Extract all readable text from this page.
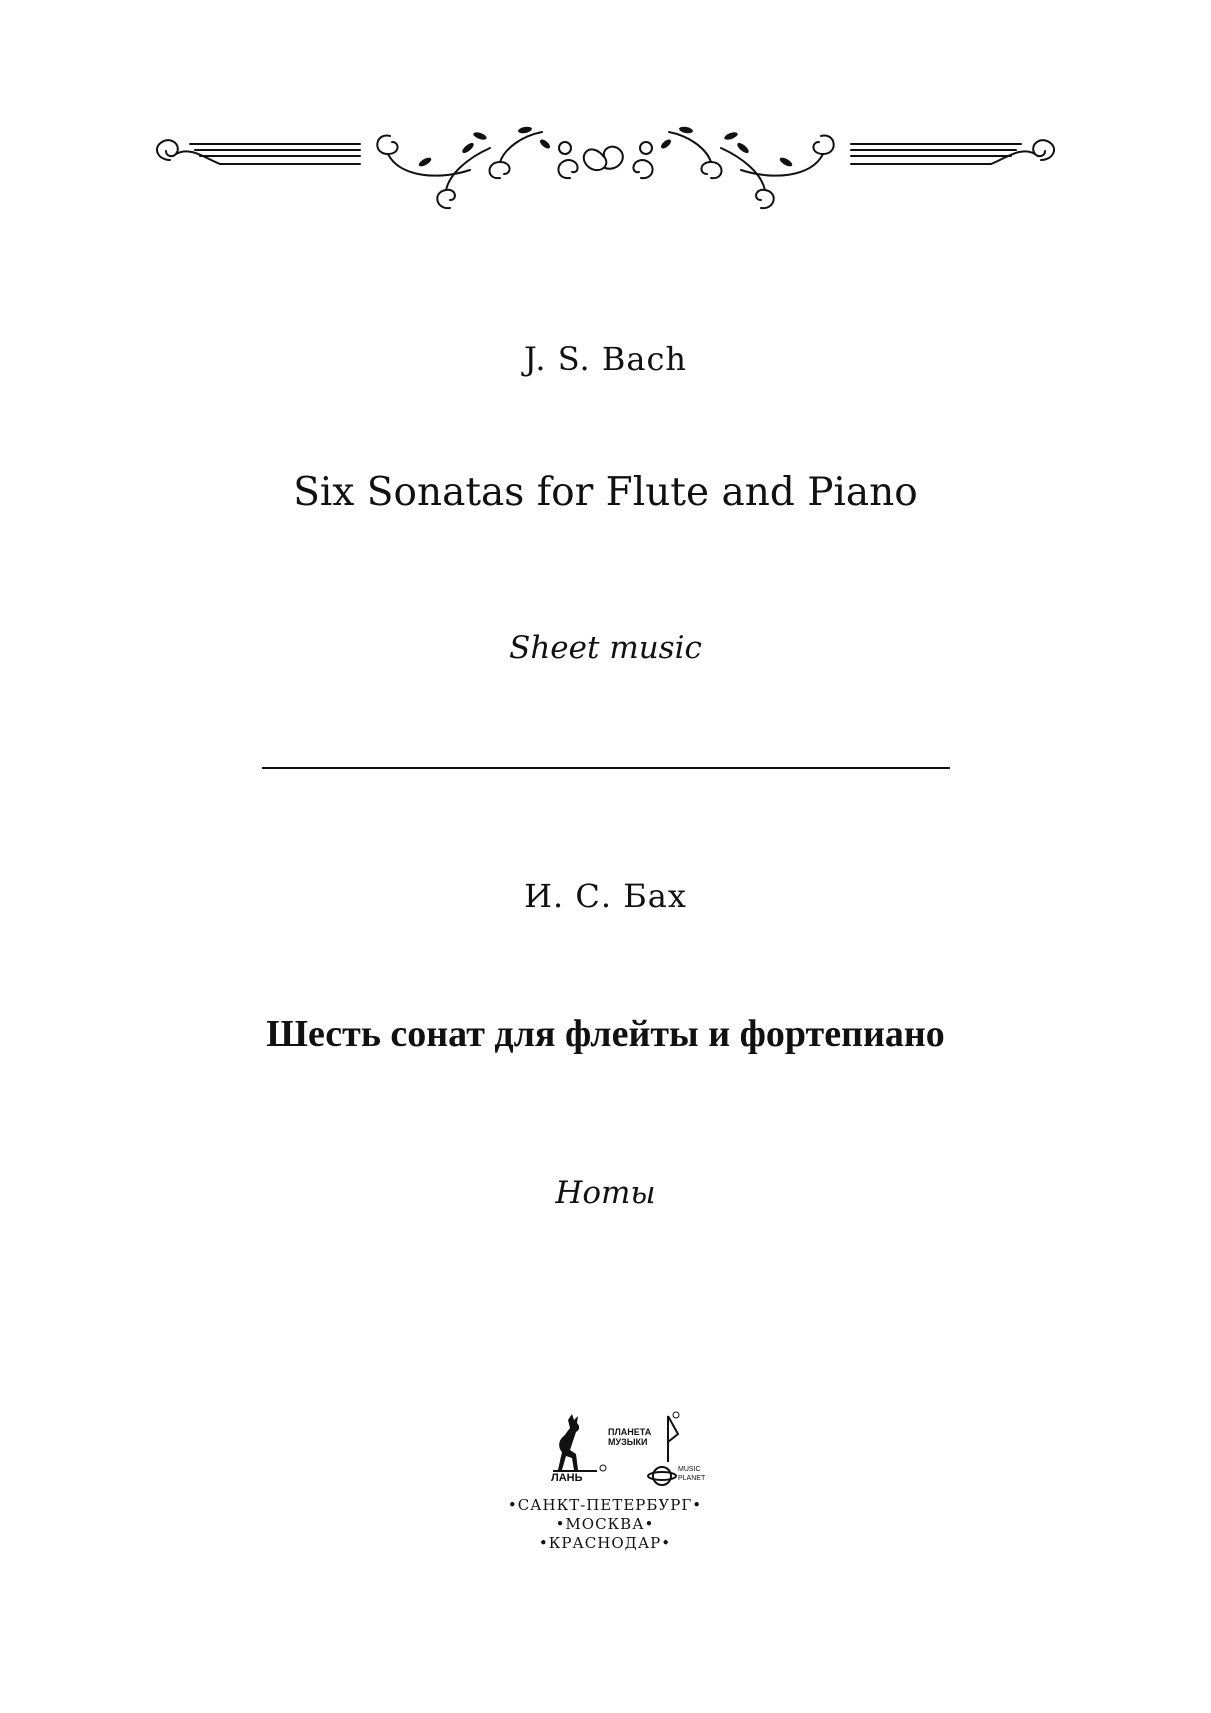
J. S. Bach
Six Sonatas for Flute and Piano
Sheet music
И. С. Бах
Шесть сонат для флейты и фортепиано
Ноты
ЛАНЬ
ПЛАНЕТА
МУЗЫКИ
MUSIC
PLANET
•САНКТ-ПЕТЕРБУРГ•
•МОСКВА•
•КРАСНОДАР•
